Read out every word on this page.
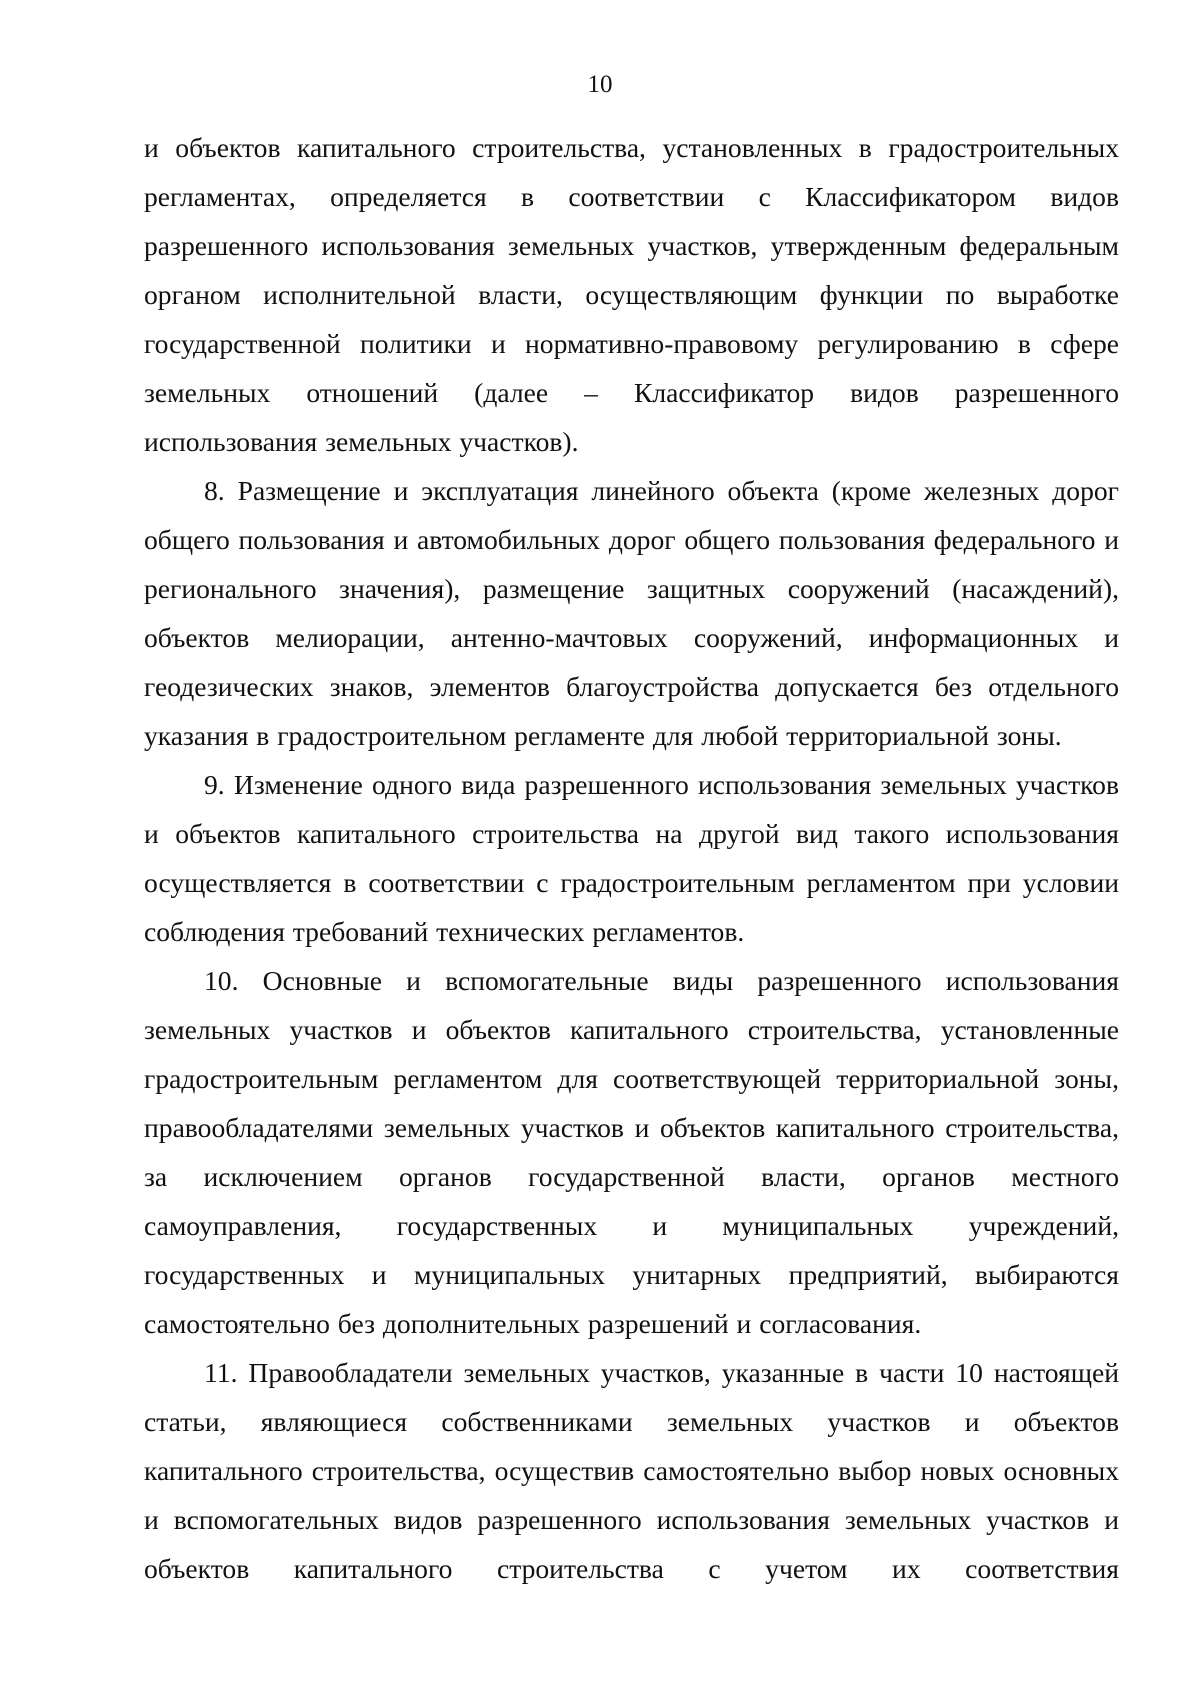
10

и объектов капитального строительства, установленных в градостроительных регламентах, определяется в соответствии с Классификатором видов разрешенного использования земельных участков, утвержденным федеральным органом исполнительной власти, осуществляющим функции по выработке государственной политики и нормативно-правовому регулированию в сфере земельных отношений (далее – Классификатор видов разрешенного использования земельных участков).

8. Размещение и эксплуатация линейного объекта (кроме железных дорог общего пользования и автомобильных дорог общего пользования федерального и регионального значения), размещение защитных сооружений (насаждений), объектов мелиорации, антенно-мачтовых сооружений, информационных и геодезических знаков, элементов благоустройства допускается без отдельного указания в градостроительном регламенте для любой территориальной зоны.

9. Изменение одного вида разрешенного использования земельных участков и объектов капитального строительства на другой вид такого использования осуществляется в соответствии с градостроительным регламентом при условии соблюдения требований технических регламентов.

10. Основные и вспомогательные виды разрешенного использования земельных участков и объектов капитального строительства, установленные градостроительным регламентом для соответствующей территориальной зоны, правообладателями земельных участков и объектов капитального строительства, за исключением органов государственной власти, органов местного самоуправления, государственных и муниципальных учреждений, государственных и муниципальных унитарных предприятий, выбираются самостоятельно без дополнительных разрешений и согласования.

11. Правообладатели земельных участков, указанные в части 10 настоящей статьи, являющиеся собственниками земельных участков и объектов капитального строительства, осуществив самостоятельно выбор новых основных и вспомогательных видов разрешенного использования земельных участков и объектов капитального строительства с учетом их соответствия
